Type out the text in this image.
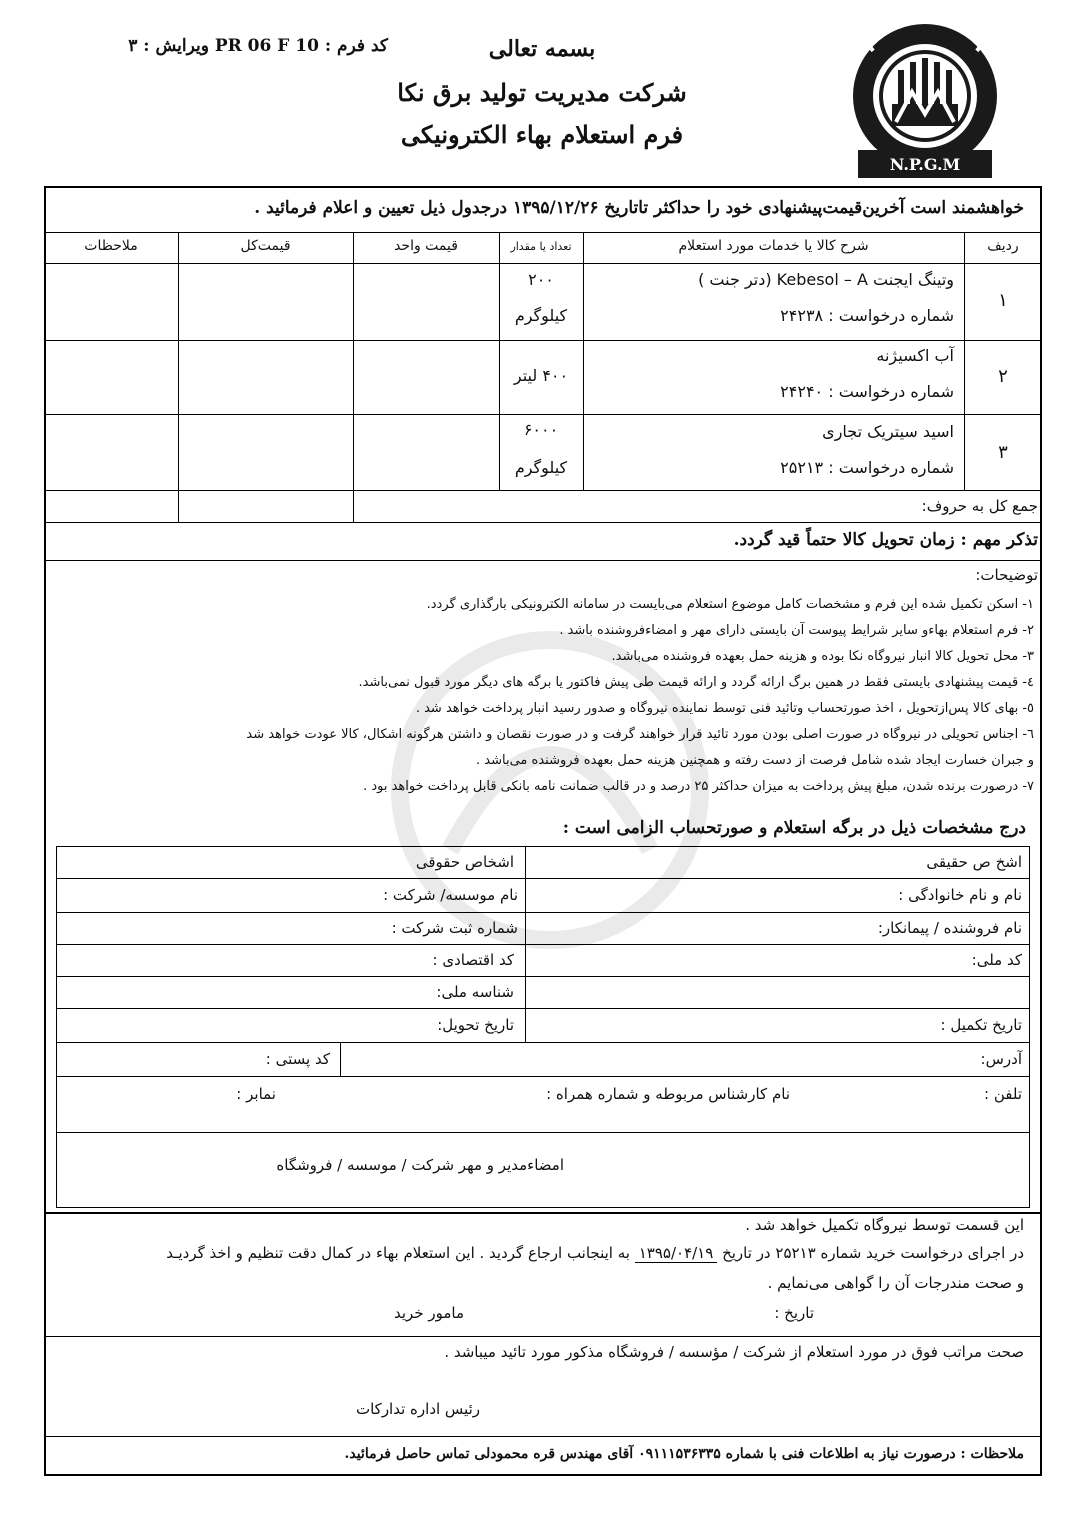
بسمه تعالی
شرکت مدیریت تولید برق نکا
فرم استعلام بهاء الکترونیکی
کد فرم : PR 06 F 10 ویرایش : ۳
N.P.G.M
خواهشمند است آخرین‌قیمت‌پیشنهادی خود را حداکثر تاتاریخ ۱۳۹۵/۱۲/۲۶ درجدول ذیل تعیین و اعلام فرمائید .
ردیف
شرح کالا یا خدمات مورد استعلام
تعداد یا مقدار
قیمت واحد
قیمت‌کل
ملاحظات
۱
وتینگ ایجنت Kebesol – A (دتر جنت )
شماره درخواست : ۲۴۲۳۸
۲۰۰
کیلوگرم
۲
آب اکسیژنه
شماره درخواست : ۲۴۲۴۰
۴۰۰ لیتر
۳
اسید سیتریک تجاری
شماره درخواست : ۲۵۲۱۳
۶۰۰۰
کیلوگرم
جمع کل به حروف:
تذکر مهم : زمان تحویل کالا حتماً قید گردد.
توضیحات:
۱- اسکن تکمیل شده این فرم و مشخصات کامل موضوع استعلام می‌بایست در سامانه الکترونیکی بارگذاری گردد.
۲- فرم استعلام بهاءو سایر شرایط پیوست آن بایستی دارای مهر و امضاءفروشنده باشد .
۳- محل تحویل کالا انبار نیروگاه نکا بوده و هزینه حمل بعهده فروشنده می‌باشد.
٤- قیمت پیشنهادی بایستی فقط در همین برگ ارائه گردد و ارائه قیمت طی پیش فاکتور یا برگه های دیگر مورد قبول نمی‌باشد.
٥- بهای کالا پس‌ازتحویل ، اخذ صورتحساب وتائید فنی توسط نماینده نیروگاه و صدور رسید انبار پرداخت خواهد شد .
٦- اجناس تحویلی در نیروگاه در صورت اصلی بودن مورد تائید قرار خواهند گرفت و در صورت نقصان و داشتن هرگونه اشکال، کالا عودت خواهد شد
و جبران خسارت ایجاد شده شامل فرصت از دست رفته و همچنین هزینه حمل بعهده فروشنده می‌باشد .
۷- درصورت برنده شدن، مبلغ پیش پرداخت به میزان حداکثر ۲۵ درصد و در قالب ضمانت نامه بانکی قابل پرداخت خواهد بود .
درج مشخصات ذیل در برگه استعلام و صورتحساب الزامی است :
اشخ ص حقیقی
اشخاص حقوقی
نام و نام خانوادگی :
نام موسسه/ شرکت :
نام فروشنده / پیمانکار:
شماره ثبت شرکت :
کد ملی:
کد اقتصادی :
شناسه ملی:
تاریخ تکمیل :
تاریخ تحویل:
آدرس:
کد پستی :
تلفن :
نام کارشناس مربوطه و شماره همراه :
نمابر :
امضاءمدیر و مهر شرکت / موسسه / فروشگاه
این قسمت توسط نیروگاه تکمیل خواهد شد .
در اجرای درخواست خرید شماره ۲۵۲۱۳ در تاریخ ۱۳۹۵/۰۴/۱۹ به اینجانب ارجاع گردید . این استعلام بهاء در کمال دقت تنظیم و اخذ گردیـد
و صحت مندرجات آن را گواهی می‌نمایم .
تاریخ :
مامور خرید
صحت مراتب فوق در مورد استعلام از شرکت / مؤسسه / فروشگاه مذکور مورد تائید میباشد .
رئیس اداره تدارکات
ملاحظات : درصورت نیاز به اطلاعات فنی با شماره ۰۹۱۱۱۵۳۶۳۳۵ آقای مهندس قره محمودلی تماس حاصل فرمائید.
